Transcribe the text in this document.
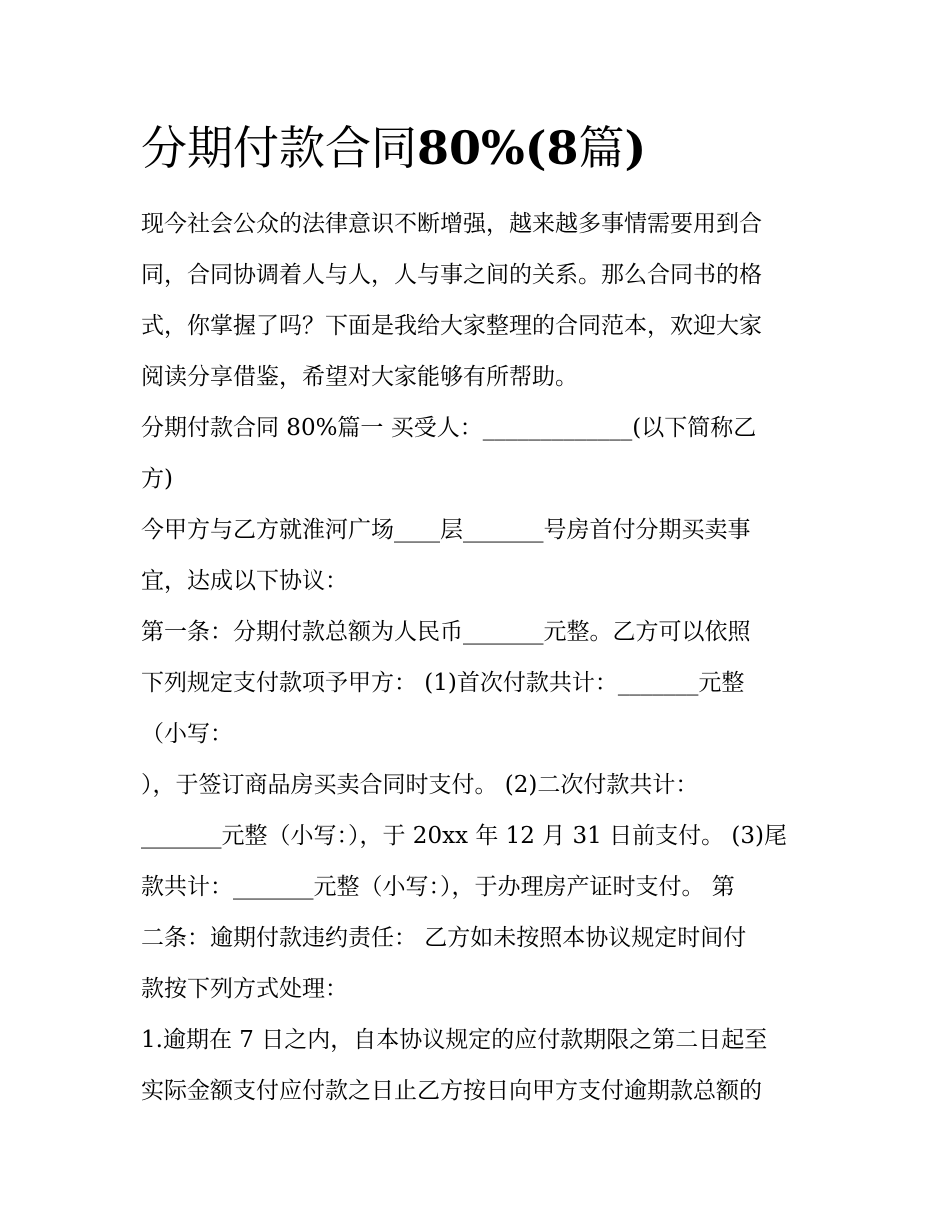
分期付款合同80%(8篇)

现今社会公众的法律意识不断增强，越来越多事情需要用到合
同，合同协调着人与人，人与事之间的关系。那么合同书的格
式，你掌握了吗？下面是我给大家整理的合同范本，欢迎大家
阅读分享借鉴，希望对大家能够有所帮助。

分期付款合同 80%篇一 买受人：_____________(以下简称乙
方)

今甲方与乙方就淮河广场____层_______号房首付分期买卖事
宜，达成以下协议：

第一条：分期付款总额为人民币_______元整。乙方可以依照
下列规定支付款项予甲方： (1)首次付款共计：_______元整
（小写：
），于签订商品房买卖合同时支付。 (2)二次付款共计：
_______元整（小写：），于 20xx 年 12 月 31 日前支付。 (3)尾
款共计：_______元整（小写：），于办理房产证时支付。 第
二条：逾期付款违约责任： 乙方如未按照本协议规定时间付
款按下列方式处理：

1.逾期在 7 日之内，自本协议规定的应付款期限之第二日起至
实际金额支付应付款之日止乙方按日向甲方支付逾期款总额的
